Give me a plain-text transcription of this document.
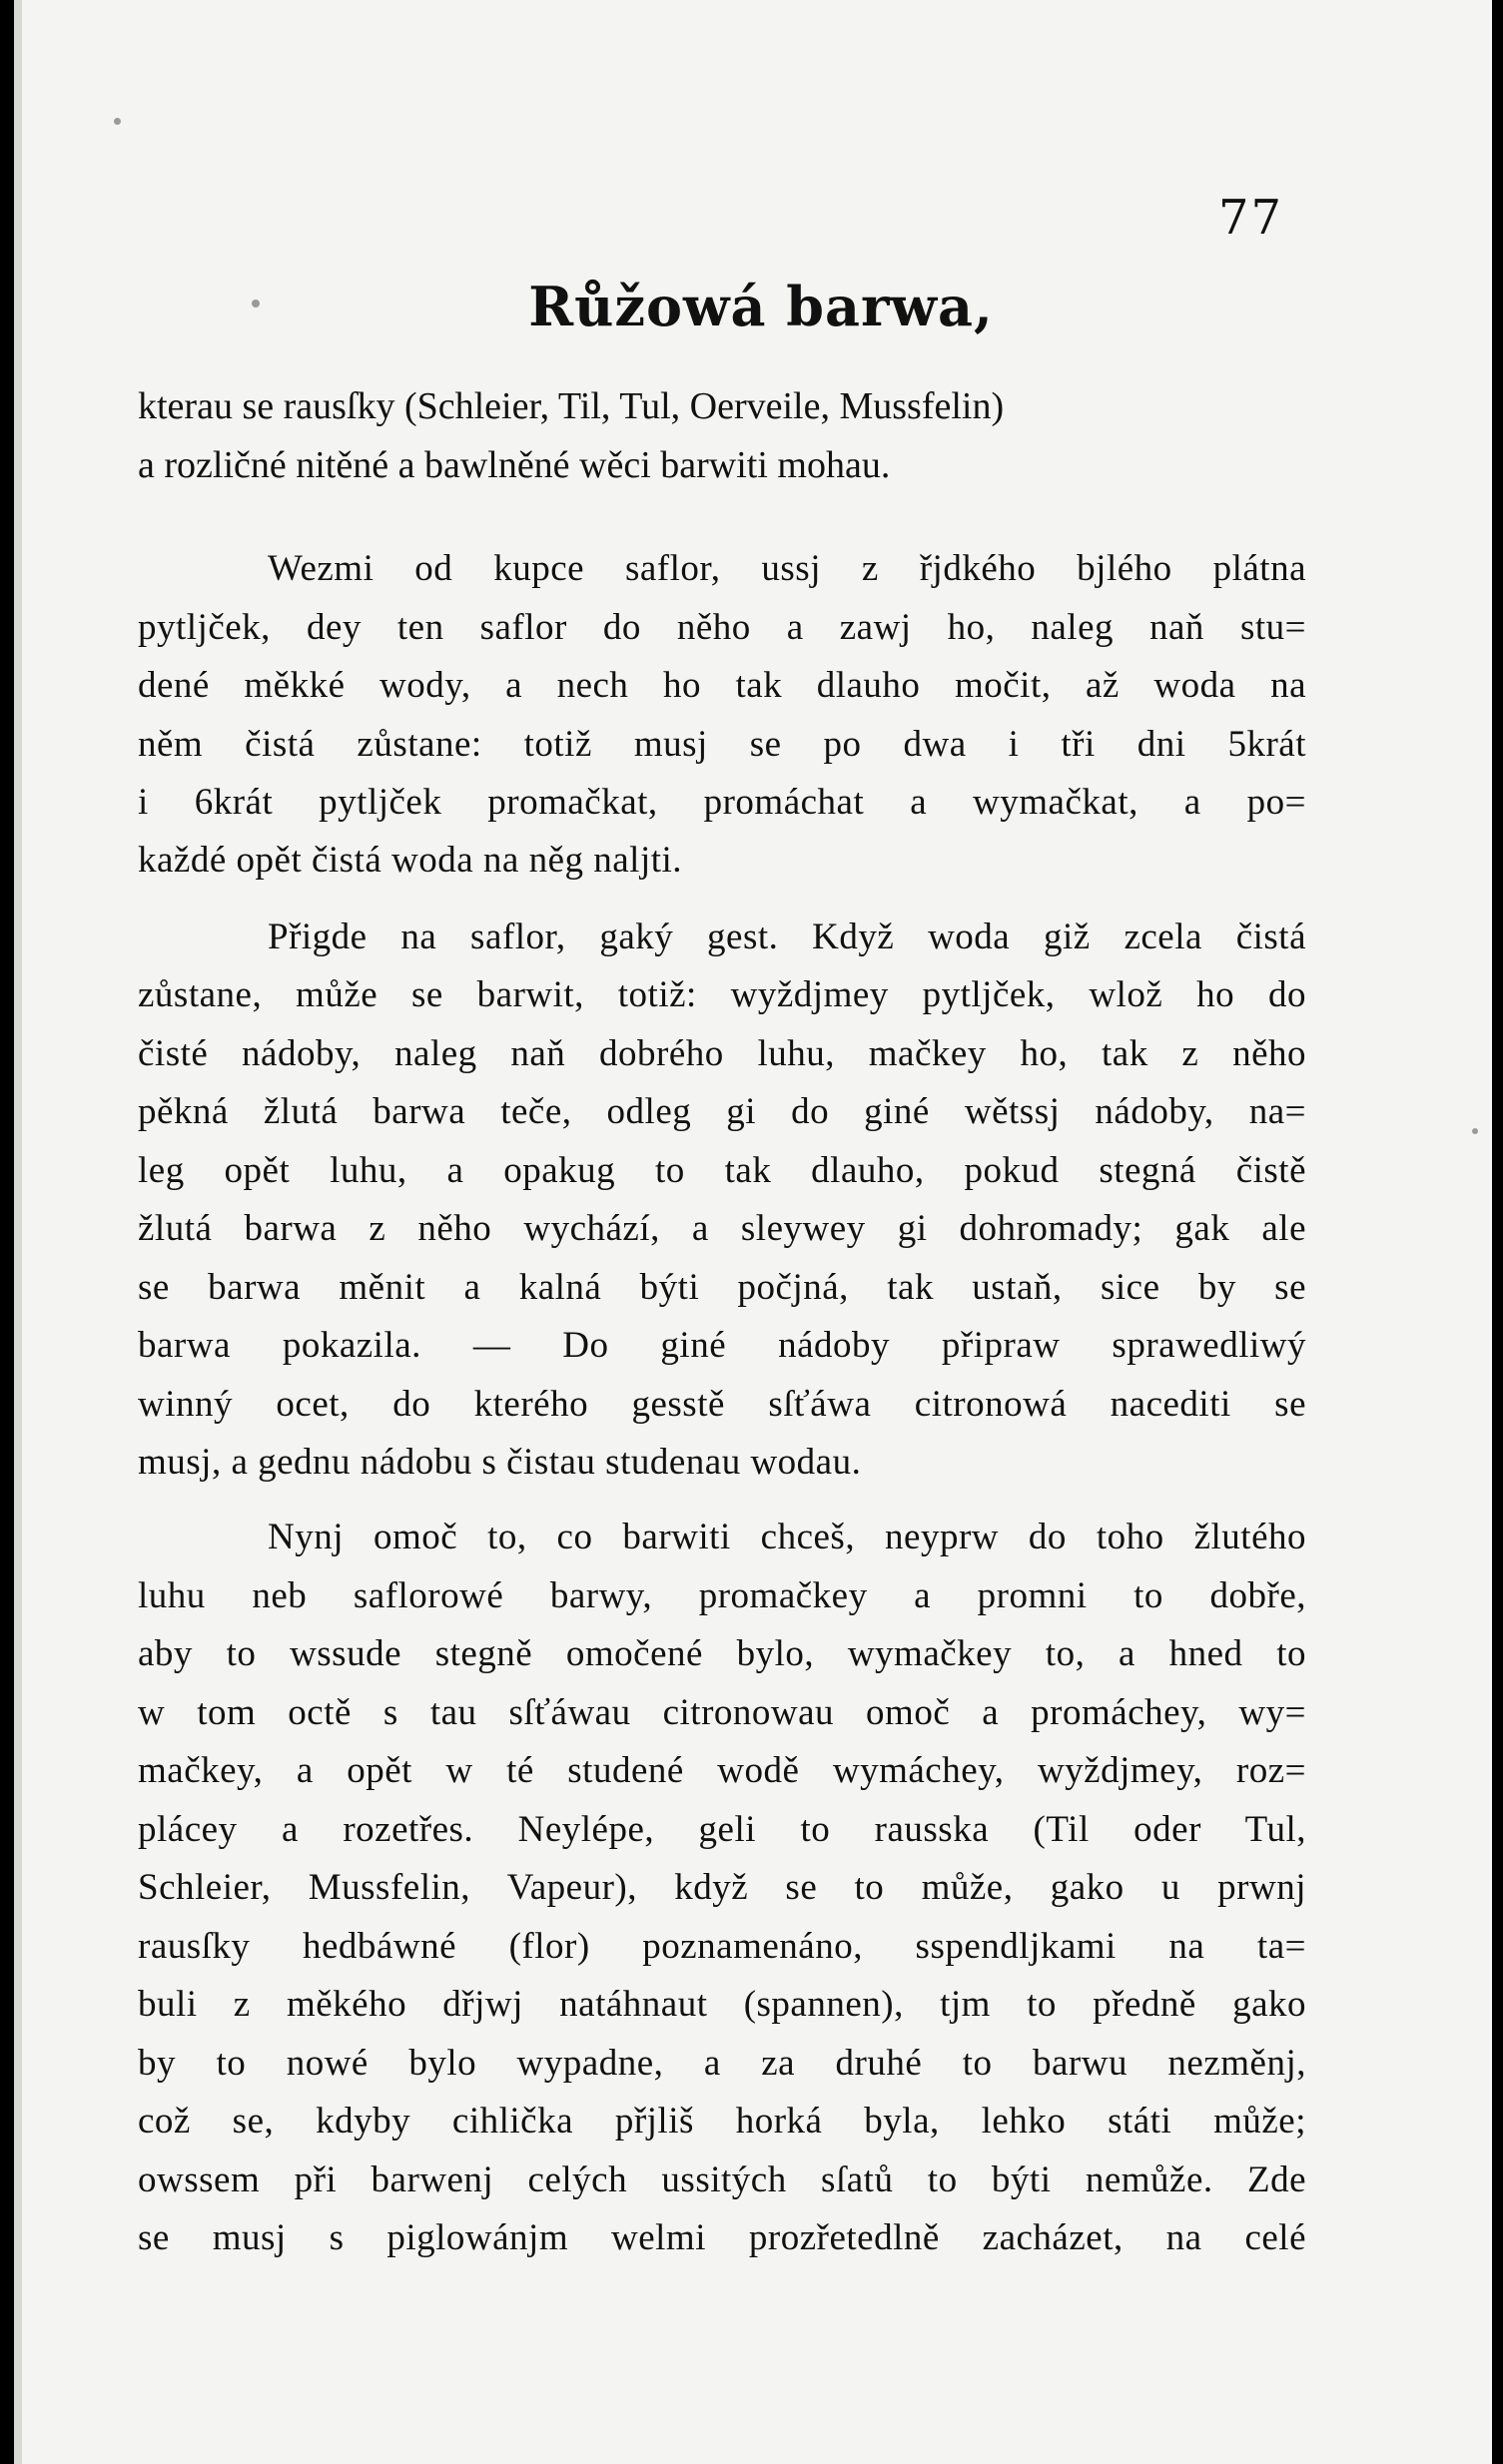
77
Růžowá barwa,
kterau se rausſky (Schleier, Til, Tul, Oerveile, Mussfelin)
a rozličné nitěné a bawlněné wěci barwiti mohau.
Wezmi od kupce saflor, ussj z řjdkého bjlého plátna
pytljček, dey ten saflor do něho a zawj ho, naleg naň stu=
dené měkké wody, a nech ho tak dlauho močit, až woda na
něm čistá zůstane: totiž musj se po dwa i tři dni 5krát
i 6krát pytljček promačkat, promáchat a wymačkat, a po=
každé opět čistá woda na něg naljti.
Přigde na saflor, gaký gest. Když woda giž zcela čistá
zůstane, může se barwit, totiž: wyždjmey pytljček, wlož ho do
čisté nádoby, naleg naň dobrého luhu, mačkey ho, tak z něho
pěkná žlutá barwa teče, odleg gi do giné wětssj nádoby, na=
leg opět luhu, a opakug to tak dlauho, pokud stegná čistě
žlutá barwa z něho wychází, a sleywey gi dohromady; gak ale
se barwa měnit a kalná býti počjná, tak ustaň, sice by se
barwa pokazila. — Do giné nádoby připraw sprawedliwý
winný ocet, do kterého gesstě sſťáwa citronowá nacediti se
musj, a gednu nádobu s čistau studenau wodau.
Nynj omoč to, co barwiti chceš, neyprw do toho žlutého
luhu neb saflorowé barwy, promačkey a promni to dobře,
aby to wssude stegně omočené bylo, wymačkey to, a hned to
w tom octě s tau sſťáwau citronowau omoč a promáchey, wy=
mačkey, a opět w té studené wodě wymáchey, wyždjmey, roz=
plácey a rozetřes. Neylépe, geli to rausska (Til oder Tul,
Schleier, Mussfelin, Vapeur), když se to může, gako u prwnj
rausſky hedbáwné (flor) poznamenáno, sspendljkami na ta=
buli z měkého dřjwj natáhnaut (spannen), tjm to předně gako
by to nowé bylo wypadne, a za druhé to barwu nezměnj,
což se, kdyby cihlička přjliš horká byla, lehko státi může;
owssem při barwenj celých ussitých sſatů to býti nemůže. Zde
se musj s piglowánjm welmi prozřetedlně zacházet, na celé
